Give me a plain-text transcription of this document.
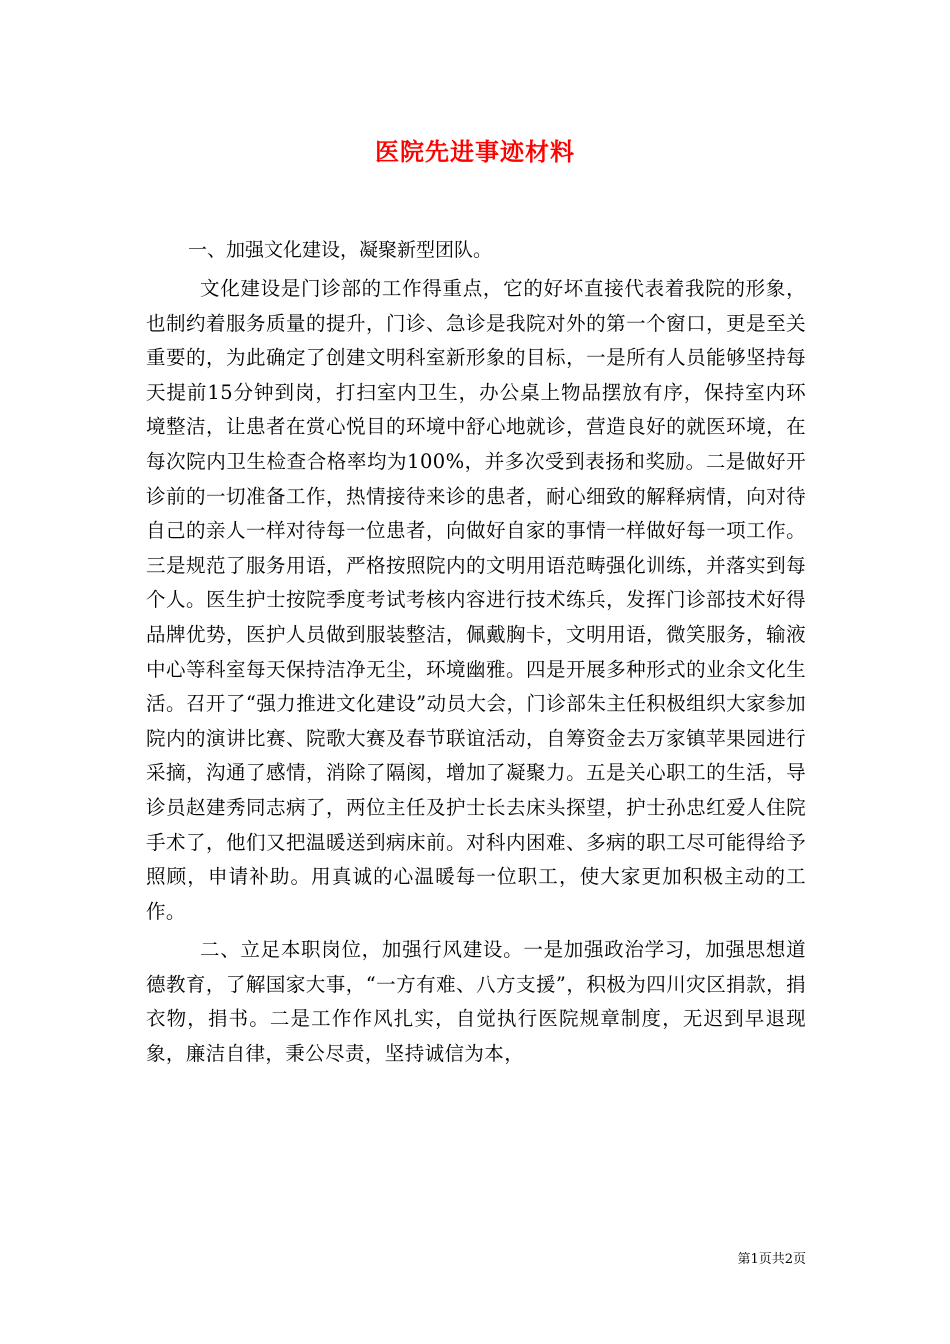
医院先进事迹材料

一、加强文化建设，凝聚新型团队。

文化建设是门诊部的工作得重点，它的好坏直接代表着我院的形象，也制约着服务质量的提升，门诊、急诊是我院对外的第一个窗口，更是至关重要的，为此确定了创建文明科室新形象的目标，一是所有人员能够坚持每天提前15分钟到岗，打扫室内卫生，办公桌上物品摆放有序，保持室内环境整洁，让患者在赏心悦目的环境中舒心地就诊，营造良好的就医环境，在每次院内卫生检查合格率均为100%，并多次受到表扬和奖励。二是做好开诊前的一切准备工作，热情接待来诊的患者，耐心细致的解释病情，向对待自己的亲人一样对待每一位患者，向做好自家的事情一样做好每一项工作。三是规范了服务用语，严格按照院内的文明用语范畴强化训练，并落实到每个人。医生护士按院季度考试考核内容进行技术练兵，发挥门诊部技术好得品牌优势，医护人员做到服装整洁，佩戴胸卡，文明用语，微笑服务，输液中心等科室每天保持洁净无尘，环境幽雅。四是开展多种形式的业余文化生活。召开了“强力推进文化建设”动员大会，门诊部朱主任积极组织大家参加院内的演讲比赛、院歌大赛及春节联谊活动，自筹资金去万家镇苹果园进行采摘，沟通了感情，消除了隔阂，增加了凝聚力。五是关心职工的生活，导诊员赵建秀同志病了，两位主任及护士长去床头探望，护士孙忠红爱人住院手术了，他们又把温暖送到病床前。对科内困难、多病的职工尽可能得给予照顾，申请补助。用真诚的心温暖每一位职工，使大家更加积极主动的工作。

二、立足本职岗位，加强行风建设。一是加强政治学习，加强思想道德教育，了解国家大事，“一方有难、八方支援”，积极为四川灾区捐款，捐衣物，捐书。二是工作作风扎实，自觉执行医院规章制度，无迟到早退现象，廉洁自律，秉公尽责，坚持诚信为本，

第1页共2页
